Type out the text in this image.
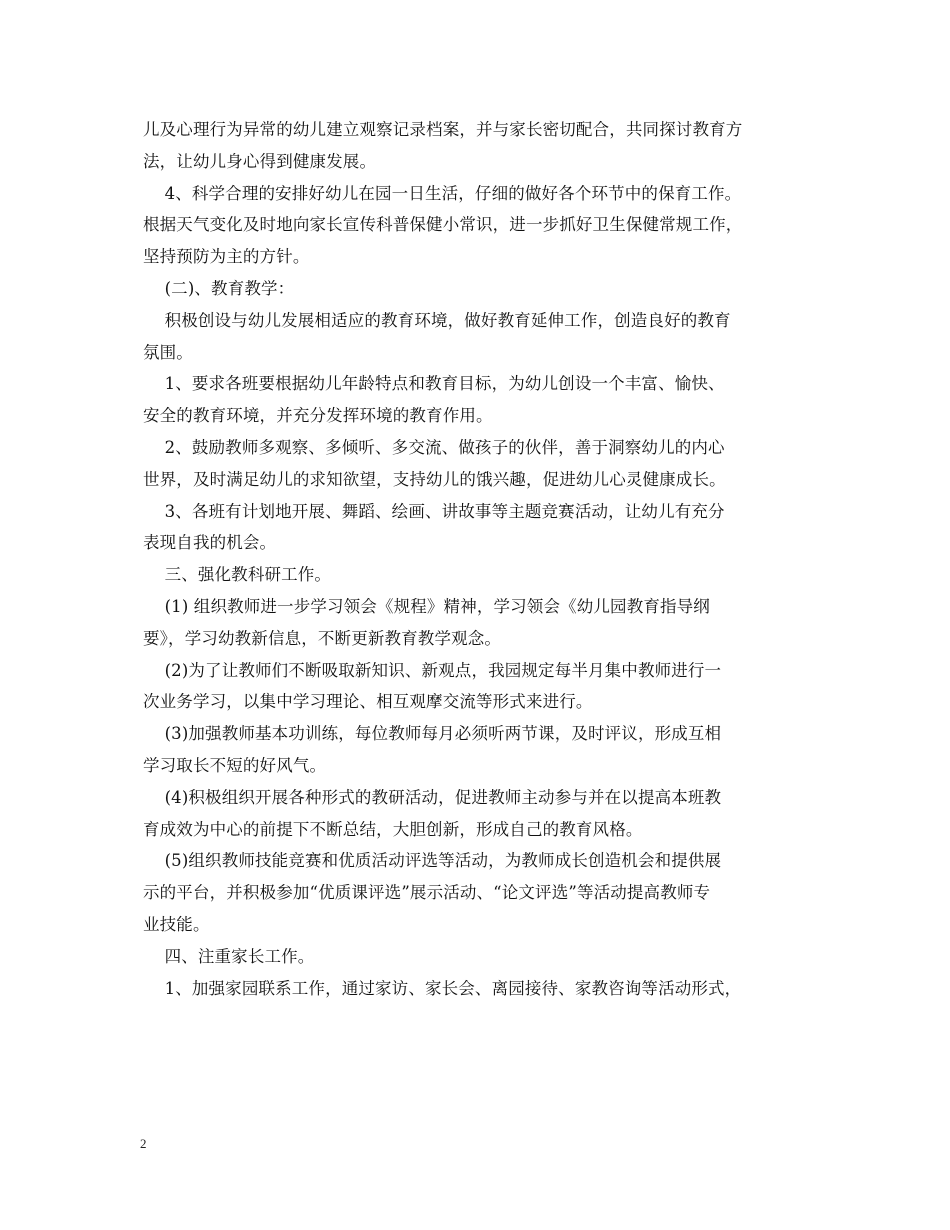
儿及心理行为异常的幼儿建立观察记录档案，并与家长密切配合，共同探讨教育方
法，让幼儿身心得到健康发展。

4、科学合理的安排好幼儿在园一日生活，仔细的做好各个环节中的保育工作。
根据天气变化及时地向家长宣传科普保健小常识，进一步抓好卫生保健常规工作，
坚持预防为主的方针。

(二)、教育教学：

积极创设与幼儿发展相适应的教育环境，做好教育延伸工作，创造良好的教育
氛围。

1、要求各班要根据幼儿年龄特点和教育目标，为幼儿创设一个丰富、愉快、
安全的教育环境，并充分发挥环境的教育作用。

2、鼓励教师多观察、多倾听、多交流、做孩子的伙伴，善于洞察幼儿的内心
世界，及时满足幼儿的求知欲望，支持幼儿的饿兴趣，促进幼儿心灵健康成长。

3、各班有计划地开展、舞蹈、绘画、讲故事等主题竞赛活动，让幼儿有充分
表现自我的机会。

三、强化教科研工作。

(1) 组织教师进一步学习领会《规程》精神，学习领会《幼儿园教育指导纲
要》，学习幼教新信息，不断更新教育教学观念。

(2)为了让教师们不断吸取新知识、新观点，我园规定每半月集中教师进行一
次业务学习，以集中学习理论、相互观摩交流等形式来进行。

(3)加强教师基本功训练，每位教师每月必须听两节课，及时评议，形成互相
学习取长不短的好风气。

(4)积极组织开展各种形式的教研活动，促进教师主动参与并在以提高本班教
育成效为中心的前提下不断总结，大胆创新，形成自己的教育风格。

(5)组织教师技能竞赛和优质活动评选等活动，为教师成长创造机会和提供展
示的平台，并积极参加“优质课评选”展示活动、“论文评选”等活动提高教师专
业技能。

四、注重家长工作。

1、加强家园联系工作，通过家访、家长会、离园接待、家教咨询等活动形式，

2
